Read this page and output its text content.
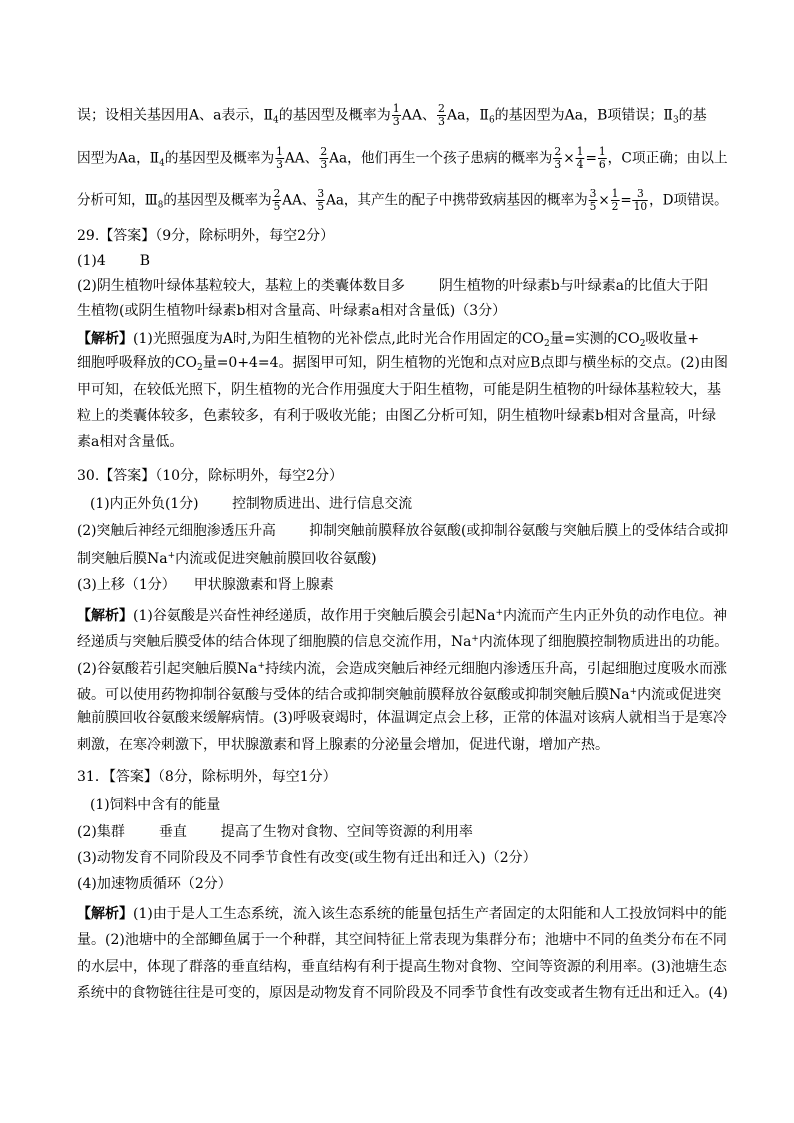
误；设相关基因用A、a表示，$Ⅱ_4$的基因型及概率为 $\frac{1}{3}$ AA、 $\frac{2}{3}$ Aa，$Ⅱ_6$的基因型为Aa，B项错误；$Ⅱ_3$的基
因型为Aa，$Ⅱ_4$的基因型及概率为 $\frac{1}{3}$ AA、 $\frac{2}{3}$ Aa，他们再生一个孩子患病的概率为 $\frac{2}{3} \times \frac{1}{4} = \frac{1}{6}$ ，C项正确；由以上
分析可知，$Ⅲ_8$的基因型及概率为 $\frac{2}{5}$ AA、 $\frac{3}{5}$ Aa，其产生的配子中携带致病基因的概率为 $\frac{3}{5} \times \frac{1}{2} = \frac{3}{10}$ ，D项错误。
29.【答案】（9分，除标明外，每空2分）
(1)4 B
(2)阴生植物叶绿体基粒较大，基粒上的类囊体数目多 阴生植物的叶绿素b与叶绿素a的比值大于阳
生植物(或阴生植物叶绿素b相对含量高、叶绿素a相对含量低)（3分）
【解析】(1)光照强度为A时,为阳生植物的光补偿点,此时光合作用固定的$CO_2$量=实测的$CO_2$吸收量+
细胞呼吸释放的$CO_2$量=0+4=4。据图甲可知，阴生植物的光饱和点对应B点即与横坐标的交点。(2)由图
甲可知，在较低光照下，阴生植物的光合作用强度大于阳生植物，可能是阴生植物的叶绿体基粒较大，基
粒上的类囊体较多，色素较多，有利于吸收光能；由图乙分析可知，阴生植物叶绿素b相对含量高，叶绿
素a相对含量低。
30.【答案】（10分，除标明外，每空2分）
(1)内正外负(1分) 控制物质进出、进行信息交流
(2)突触后神经元细胞渗透压升高 抑制突触前膜释放谷氨酸(或抑制谷氨酸与突触后膜上的受体结合或抑
制突触后膜Na+内流或促进突触前膜回收谷氨酸)
(3)上移（1分） 甲状腺激素和肾上腺素
【解析】(1)谷氨酸是兴奋性神经递质，故作用于突触后膜会引起Na+内流而产生内正外负的动作电位。神
经递质与突触后膜受体的结合体现了细胞膜的信息交流作用，Na+内流体现了细胞膜控制物质进出的功能。
(2)谷氨酸若引起突触后膜Na+持续内流，会造成突触后神经元细胞内渗透压升高，引起细胞过度吸水而涨
破。可以使用药物抑制谷氨酸与受体的结合或抑制突触前膜释放谷氨酸或抑制突触后膜Na+内流或促进突
触前膜回收谷氨酸来缓解病情。(3)呼吸衰竭时，体温调定点会上移，正常的体温对该病人就相当于是寒冷
刺激，在寒冷刺激下，甲状腺激素和肾上腺素的分泌量会增加，促进代谢，增加产热。
31．【答案】（8分，除标明外，每空1分）
(1)饲料中含有的能量
(2)集群 垂直 提高了生物对食物、空间等资源的利用率
(3)动物发育不同阶段及不同季节食性有改变(或生物有迁出和迁入)（2分）
(4)加速物质循环（2分）
【解析】(1)由于是人工生态系统，流入该生态系统的能量包括生产者固定的太阳能和人工投放饲料中的能
量。(2)池塘中的全部鲫鱼属于一个种群，其空间特征上常表现为集群分布；池塘中不同的鱼类分布在不同
的水层中，体现了群落的垂直结构，垂直结构有利于提高生物对食物、空间等资源的利用率。(3)池塘生态
系统中的食物链往往是可变的，原因是动物发育不同阶段及不同季节食性有改变或者生物有迁出和迁入。(4)
